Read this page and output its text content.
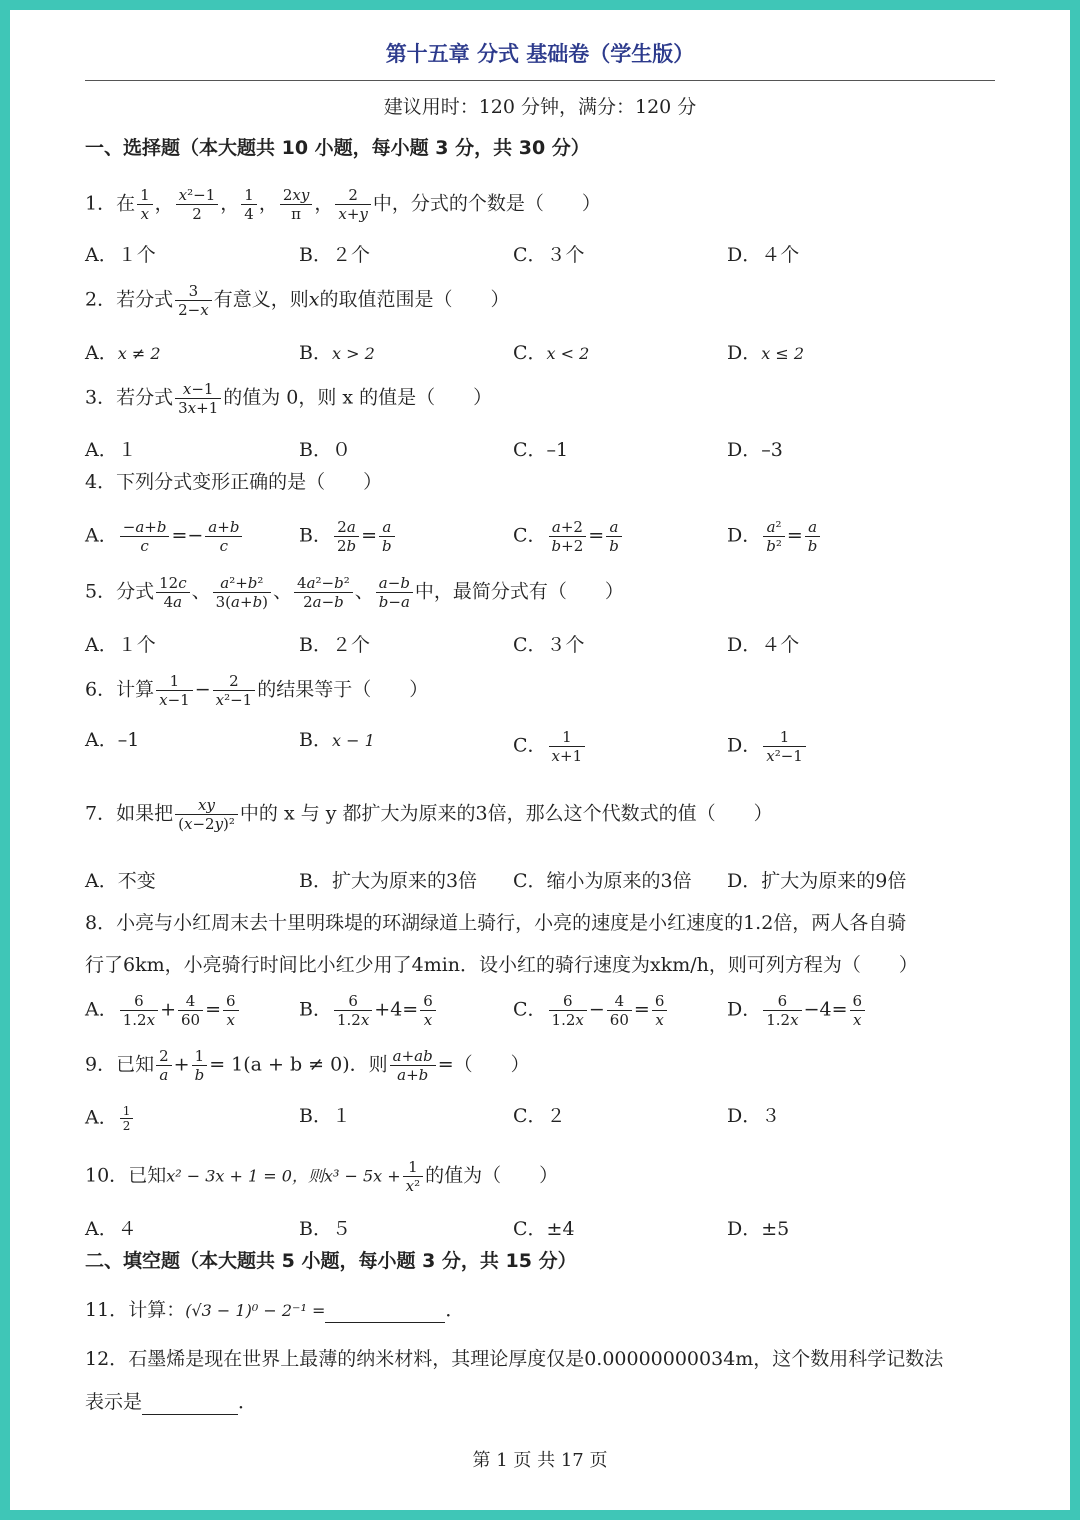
第十五章 分式 基础卷（学生版）
建议用时：120 分钟，满分：120 分
一、选择题（本大题共 10 小题，每小题 3 分，共 30 分）
1．在 $\frac{1}{x}$ ， $\frac{\text{x²−1}}{2}$ ， $\frac{1}{4}$ ， $\frac{2xy}{\pi}$ ， $\frac{2}{x+y}$ 中，分式的个数是（　　）
A．１个	B．２个	C．３个	D．４个
2．若分式 $\frac{3}{2-x}$ 有意义，则x的取值范围是（　　）
A．x ≠ 2	B．x > 2	C．x < 2	D．x ≤ 2
3．若分式 $\frac{x-1}{3x+1}$ 的值为 0，则 x 的值是（　　）
A．１	B．０	C．–1	D．–3
4．下列分式变形正确的是（　　）
A． $\frac{-a+b}{c} =- \frac{a+b}{c}$	B． $\frac{2a}{2b} = \frac{a}{b}$	C． $\frac{a+2}{b+2} = \frac{a}{b}$	D． $\frac{\text{a²}}{\text{b²}} = \frac{a}{b}$
5．分式 $\frac{12c}{4a}$ 、 $\frac{\text{a²+b²}}{3(a+b)}$ 、 $\frac{\text{4a²−b²}}{2a-b}$ 、 $\frac{a-b}{b-a}$ 中，最简分式有（　　）
A．１个	B．２个	C．３个	D．４个
6．计算 $\frac{1}{x-1} - \frac{2}{\text{x²−1}}$ 的结果等于（　　）
A．–1	B．x − 1	C． $\frac{1}{x+1}$	D． $\frac{1}{\text{x²−1}}$
7．如果把 $\frac{xy}{\text{(x−2y)²}}$ 中的 x 与 y 都扩大为原来的3倍，那么这个代数式的值（　　）
A．不变	B．扩大为原来的3倍 C．缩小为原来的3倍 D．扩大为原来的9倍
8．小亮与小红周末去十里明珠堤的环湖绿道上骑行，小亮的速度是小红速度的1.2倍，两人各自骑
行了6km，小亮骑行时间比小红少用了4min．设小红的骑行速度为xkm/h，则可列方程为（　　）
A． $\frac{6}{1.2x} + \frac{4}{60} = \frac{6}{x}$	B． $\frac{6}{1.2x} +4= \frac{6}{x}$	C． $\frac{6}{1.2x} - \frac{4}{60} = \frac{6}{x}$	D． $\frac{6}{1.2x} -4= \frac{6}{x}$
9．已知 $\frac{2}{a} + \frac{1}{b} = 1(a + b \ne 0)$．则 $\frac{a+ab}{a+b}$ =（　　）
A． $\frac{1}{2}$	B．１	C．２	D．３
10．已知x² − 3x + 1 = 0，则$x^3 - 5x + \frac{1}{\text{x²}}$ 的值为（　　）
A．４	B．５	C．±4	D．±5
二、填空题（本大题共 5 小题，每小题 3 分，共 15 分）
11．计算：(√3 − 1)⁰ − 2⁻¹ =	．
12．石墨烯是现在世界上最薄的纳米材料，其理论厚度仅是0.00000000034m，这个数用科学记数法
表示是	．
第 1 页 共 17 页
